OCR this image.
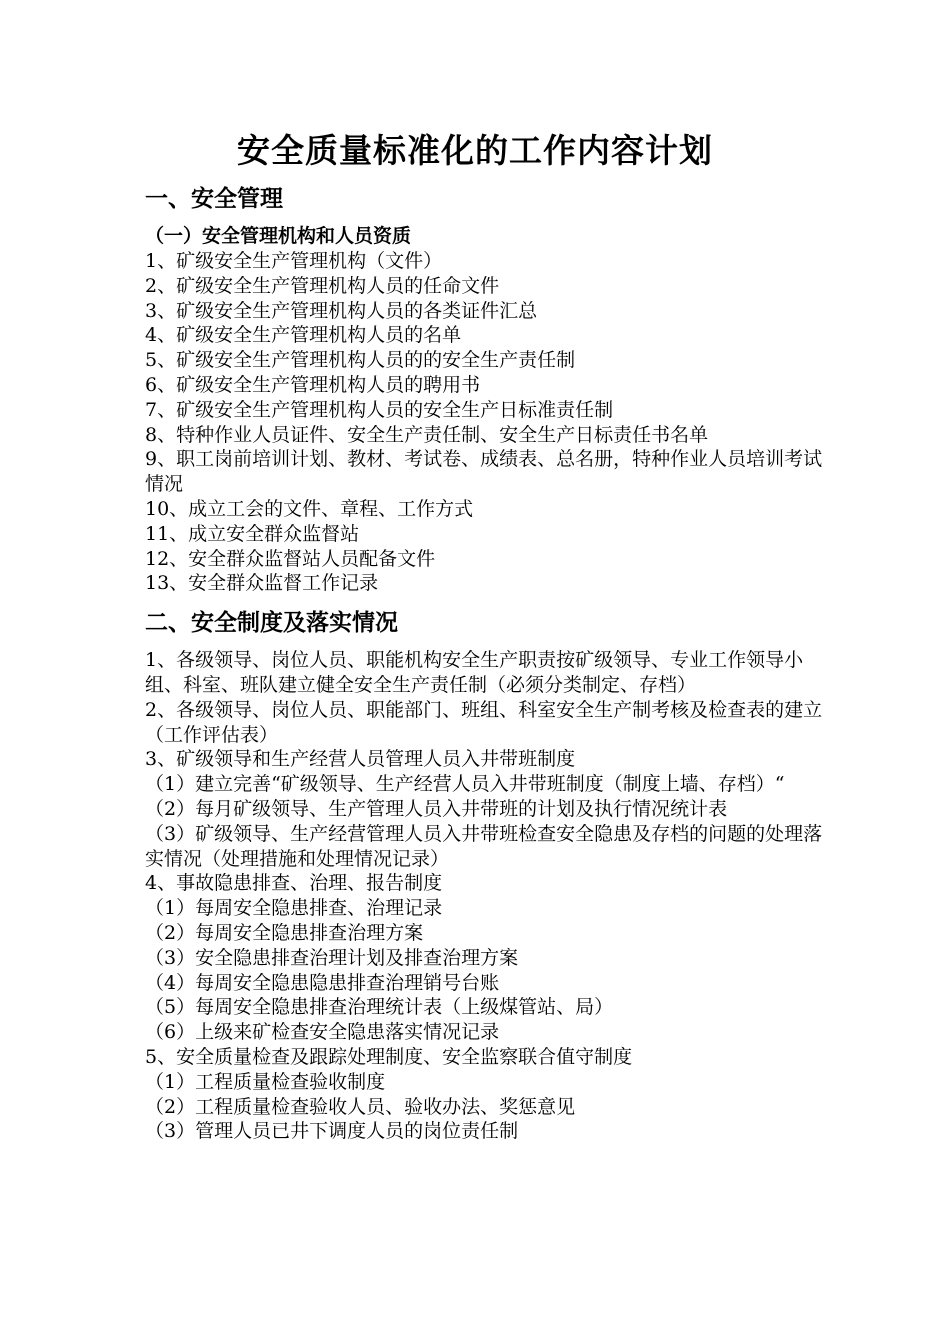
安全质量标准化的工作内容计划
一、安全管理
（一）安全管理机构和人员资质

1、矿级安全生产管理机构（文件）

2、矿级安全生产管理机构人员的任命文件

3、矿级安全生产管理机构人员的各类证件汇总

4、矿级安全生产管理机构人员的名单

5、矿级安全生产管理机构人员的的安全生产责任制

6、矿级安全生产管理机构人员的聘用书

7、矿级安全生产管理机构人员的安全生产日标准责任制

8、特种作业人员证件、安全生产责任制、安全生产日标责任书名单

9、职工岗前培训计划、教材、考试卷、成绩表、总名册，特种作业人员培训考试情况

10、成立工会的文件、章程、工作方式

11、成立安全群众监督站

12、安全群众监督站人员配备文件

13、安全群众监督工作记录

二、安全制度及落实情况

1、各级领导、岗位人员、职能机构安全生产职责按矿级领导、专业工作领导小组、科室、班队建立健全安全生产责任制（必须分类制定、存档）

2、各级领导、岗位人员、职能部门、班组、科室安全生产制考核及检查表的建立（工作评估表）

3、矿级领导和生产经营人员管理人员入井带班制度

（1）建立完善“矿级领导、生产经营人员入井带班制度（制度上墙、存档）“

（2）每月矿级领导、生产管理人员入井带班的计划及执行情况统计表

（3）矿级领导、生产经营管理人员入井带班检查安全隐患及存档的问题的处理落实情况（处理措施和处理情况记录）

4、事故隐患排查、治理、报告制度

（1）每周安全隐患排查、治理记录

（2）每周安全隐患排查治理方案

（3）安全隐患排查治理计划及排查治理方案

（4）每周安全隐患隐患排查治理销号台账

（5）每周安全隐患排查治理统计表（上级煤管站、局）

（6）上级来矿检查安全隐患落实情况记录

5、安全质量检查及跟踪处理制度、安全监察联合值守制度

（1）工程质量检查验收制度

（2）工程质量检查验收人员、验收办法、奖惩意见

（3）管理人员已井下调度人员的岗位责任制
